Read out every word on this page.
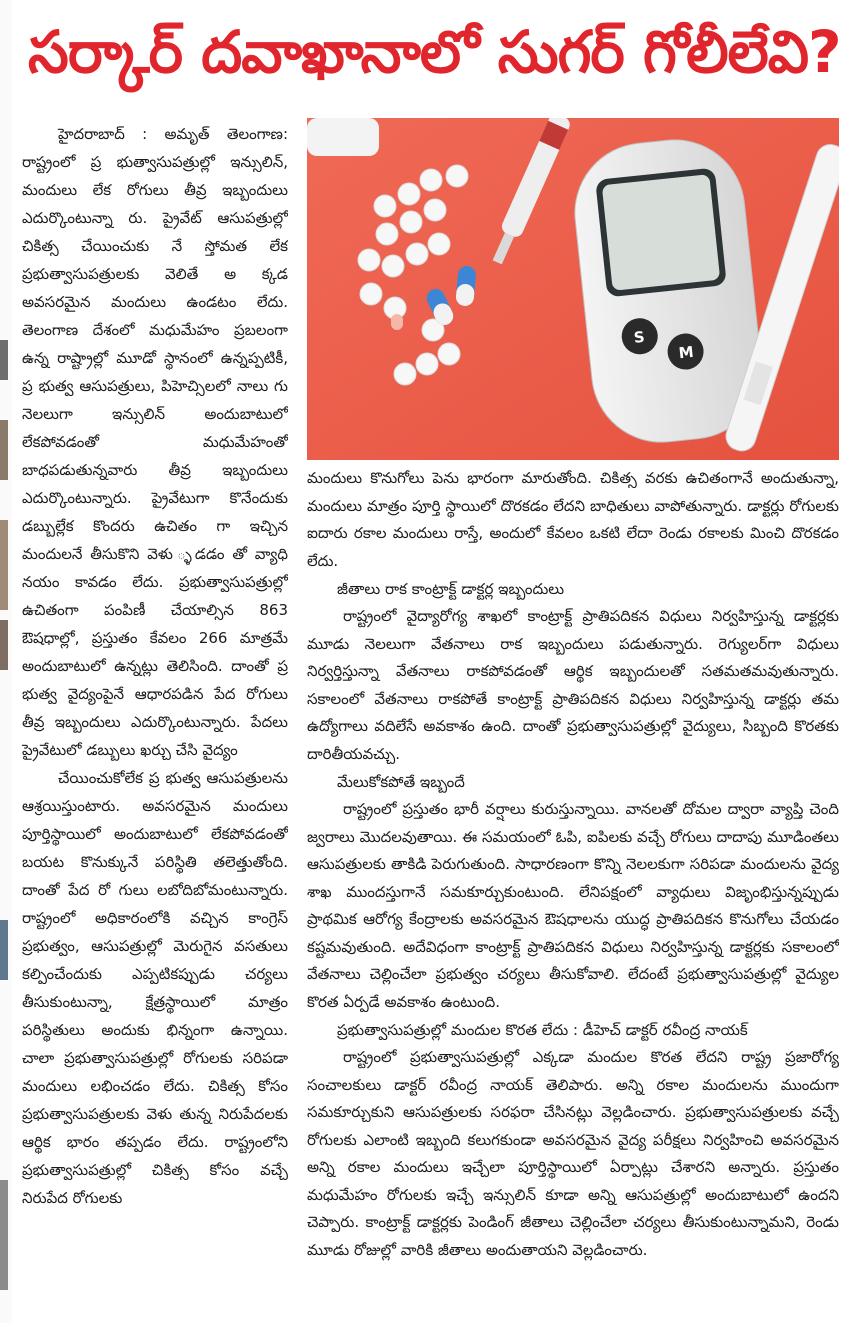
సర్కార్ దవాఖానాలో సుగర్ గోలీలేవి?

హైదరాబాద్ : అమృత్ తెలంగాణ: రాష్ట్రంలో ప్ర భుత్వాసుపత్రుల్లో ఇన్సులిన్, మందులు లేక రోగులు తీవ్ర ఇబ్బందులు ఎదుర్కొంటున్నా రు. ప్రైవేట్ ఆసుపత్రుల్లో చికిత్స చేయించుకు నే స్తోమత లేక ప్రభుత్వాసుపత్రులకు వెలితే అ క్కడ అవసరమైన మందులు ఉండటం లేదు. తెలంగాణ దేశంలో మధుమేహం ప్రబలంగా ఉన్న రాష్ట్రాల్లో మూడో స్థానంలో ఉన్నప్పటికీ, ప్ర భుత్వ ఆసుపత్రులు, పిహెచ్సిలలో నాలు గు నెలలుగా ఇన్సులిన్ అందుబాటులో లేకపోవడంతో మధుమేహంతో బాధపడుతున్నవారు తీవ్ర ఇబ్బందులు ఎదుర్కొంటున్నారు. ప్రైవేటుగా కొనేందుకు డబ్బుల్లేక కొందరు ఉచితం గా ఇచ్చిన మందులనే తీసుకొని వెళు ్ళడడం తో వ్యాధి నయం కావడం లేదు. ప్రభుత్వాసుపత్రుల్లో ఉచితంగా పంపిణీ చేయాల్సిన 863 ఔషధాల్లో, ప్రస్తుతం కేవలం 266 మాత్రమే అందుబాటులో ఉన్నట్లు తెలిసింది. దాంతో ప్ర భుత్వ వైద్యంపైనే ఆధారపడిన పేద రోగులు తీవ్ర ఇబ్బందులు ఎదుర్కొంటున్నారు. పేదలు ప్రైవేటులో డబ్బులు ఖర్చు చేసి వైద్యం

చేయించుకోలేక ప్ర భుత్వ ఆసుపత్రులను ఆశ్రయిస్తుంటారు. అవసరమైన మందులు పూర్తిస్థాయిలో అందుబాటులో లేకపోవడంతో బయట కొనుక్కునే పరిస్థితి తలెత్తుతోంది. దాంతో పేద రో గులు లబోదిబోమంటున్నారు. రాష్ట్రంలో అధికారంలోకి వచ్చిన కాంగ్రెస్ ప్రభుత్వం, ఆసుపత్రుల్లో మెరుగైన వసతులు కల్పించేందుకు ఎప్పటికప్పుడు చర్యలు తీసుకుంటున్నా, క్షేత్రస్థాయిలో మాత్రం పరిస్థితులు అందుకు భిన్నంగా ఉన్నాయి. చాలా ప్రభుత్వాసుపత్రుల్లో రోగులకు సరిపడా మందులు లభించడం లేదు. చికిత్స కోసం ప్రభుత్వాసుపత్రులకు వెళు తున్న నిరుపేదలకు ఆర్థిక భారం తప్పడం లేదు. రాష్ట్రంలోని ప్రభుత్వాసుపత్రుల్లో చికిత్స కోసం వచ్చే నిరుపేద రోగులకు

S
M

మందులు కొనుగోలు పెను భారంగా మారుతోంది. చికిత్స వరకు ఉచితంగానే అందుతున్నా, మందులు మాత్రం పూర్తి స్థాయిలో దొరకడం లేదని బాధితులు వాపోతున్నారు. డాక్టర్లు రోగులకు ఐదారు రకాల మందులు రాస్తే, అందులో కేవలం ఒకటి లేదా రెండు రకాలకు మించి దొరకడం లేదు.

జీతాలు రాక కాంట్రాక్ట్ డాక్టర్ల ఇబ్బందులు

రాష్ట్రంలో వైద్యారోగ్య శాఖలో కాంట్రాక్ట్ ప్రాతిపదికన విధులు నిర్వహిస్తున్న డాక్టర్లకు మూడు నెలలుగా వేతనాలు రాక ఇబ్బందులు పడుతున్నారు. రెగ్యులర్‌గా విధులు నిర్వర్తిస్తున్నా వేతనాలు రాకపోవడంతో ఆర్థిక ఇబ్బందులతో సతమతమవుతున్నారు. సకాలంలో వేతనాలు రాకపోతే కాంట్రాక్ట్ ప్రాతిపదికన విధులు నిర్వహిస్తున్న డాక్టర్లు తమ ఉద్యోగాలు వదిలేసే అవకాశం ఉంది. దాంతో ప్రభుత్వాసుపత్రుల్లో వైద్యులు, సిబ్బంది కొరతకు దారితీయవచ్చు.

మేలుకోకపోతే ఇబ్బందే

రాష్ట్రంలో ప్రస్తుతం భారీ వర్షాలు కురుస్తున్నాయి. వానలతో దోమల ద్వారా వ్యాప్తి చెంది జ్వరాలు మొదలవుతాయి. ఈ సమయంలో ఓపి, ఐపిలకు వచ్చే రోగులు దాదాపు మూడింతలు ఆసుపత్రులకు తాకిడి పెరుగుతుంది. సాధారణంగా కొన్ని నెలలకుగా సరిపడా మందులను వైద్య శాఖ ముందస్తుగానే సమకూర్చుకుంటుంది. లేనిపక్షంలో వ్యాధులు విజృంభిస్తున్నప్పుడు ప్రాథమిక ఆరోగ్య కేంద్రాలకు అవసరమైన ఔషధాలను యుద్ధ ప్రాతిపదికన కొనుగోలు చేయడం కష్టమవుతుంది. అదేవిధంగా కాంట్రాక్ట్ ప్రాతిపదికన విధులు నిర్వహిస్తున్న డాక్టర్లకు సకాలంలో వేతనాలు చెల్లించేలా ప్రభుత్వం చర్యలు తీసుకోవాలి. లేదంటే ప్రభుత్వాసుపత్రుల్లో వైద్యుల కొరత ఏర్పడే అవకాశం ఉంటుంది.

ప్రభుత్వాసుపత్రుల్లో మందుల కొరత లేదు : డీహెచ్ డాక్టర్ రవీంద్ర నాయక్

రాష్ట్రంలో ప్రభుత్వాసుపత్రుల్లో ఎక్కడా మందుల కొరత లేదని రాష్ట్ర ప్రజారోగ్య సంచాలకులు డాక్టర్ రవీంద్ర నాయక్ తెలిపారు. అన్ని రకాల మందులను ముందుగా సమకూర్చుకుని ఆసుపత్రులకు సరఫరా చేసినట్లు వెల్లడించారు. ప్రభుత్వాసుపత్రులకు వచ్చే రోగులకు ఎలాంటి ఇబ్బంది కలుగకుండా అవసరమైన వైద్య పరీక్షలు నిర్వహించి అవసరమైన అన్ని రకాల మందులు ఇచ్చేలా పూర్తిస్థాయిలో ఏర్పాట్లు చేశారని అన్నారు. ప్రస్తుతం మధుమేహం రోగులకు ఇచ్చే ఇన్సులిన్ కూడా అన్ని ఆసుపత్రుల్లో అందుబాటులో ఉందని చెప్పారు. కాంట్రాక్ట్ డాక్టర్లకు పెండింగ్ జీతాలు చెల్లించేలా చర్యలు తీసుకుంటున్నామని, రెండు మూడు రోజుల్లో వారికి జీతాలు అందుతాయని వెల్లడించారు.
